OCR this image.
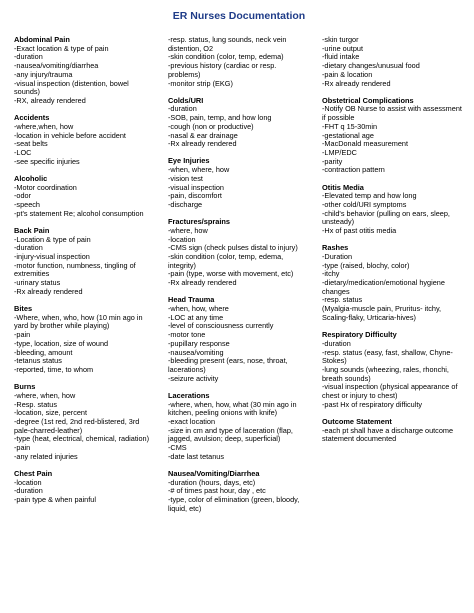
ER Nurses Documentation
Abdominal Pain
-Exact location & type of pain
-duration
-nausea/vomiting/diarrhea
-any injury/trauma
-visual inspection (distention, bowel sounds)
-RX, already rendered
Accidents
-where,when, how
-location in vehicle before accident
-seat belts
-LOC
-see specific injuries
Alcoholic
-Motor coordination
-odor
-speech
-pt's statement Re; alcohol consumption
Back Pain
-Location & type of pain
-duration
-injury-visual inspection
-motor function, numbness, tingling of extremities
-urinary status
-Rx already rendered
Bites
-Where, when, who, how (10 min ago in yard by brother while playing)
-pain
-type, location, size of wound
-bleeding, amount
-tetanus status
-reported, time, to whom
Burns
-where, when, how
-Resp. status
-location, size, percent
-degree (1st red, 2nd red-blistered, 3rd pale-charred-leather)
-type (heat, electrical, chemical, radiation)
-pain
-any related injuries
Chest Pain
-location
-duration
-pain type & when painful
-resp. status, lung sounds, neck vein distention, O2
-skin condition (color, temp, edema)
-previous history (cardiac or resp. problems)
-monitor strip (EKG)
Colds/URI
-duration
-SOB, pain, temp, and how long
-cough (non or productive)
-nasal & ear drainage
-Rx already rendered
Eye Injuries
-when, where, how
-vision test
-visual inspection
-pain, discomfort
-discharge
Fractures/sprains
-where, how
-location
-CMS sign (check pulses distal to injury)
-skin condition (color, temp, edema, integrity)
-pain (type, worse with movement, etc)
-Rx already rendered
Head Trauma
-when, how, where
-LOC at any time
-level of consciousness currently
-motor tone
-pupillary response
-nausea/vomiting
-bleeding present (ears, nose, throat, lacerations)
-seizure activity
Lacerations
-where, when, how, what (30 min ago in kitchen, peeling onions with knife)
-exact location
-size in cm and type of laceration (flap, jagged, avulsion; deep, superficial)
-CMS
-date last tetanus
Nausea/Vomiting/Diarrhea
-duration (hours, days, etc)
-# of times past hour, day , etc
-type, color of elimination (green, bloody, liquid, etc)
-skin turgor
-urine output
-fluid intake
-dietary changes/unusual food
-pain & location
-Rx already rendered
Obstetrical Complications
-Notify OB Nurse to assist with assessment if possible
-FHT q 15-30min
-gestational age
-MacDonald measurement
-LMP/EDC
-parity
-contraction pattern
Otitis Media
-Elevated temp and how long
-other cold/URI symptoms
-child's behavior (pulling on ears, sleep, unsteady)
-Hx of past otitis media
Rashes
-Duration
-type (raised, blochy, color)
-itchy
-dietary/medication/emotional hygiene changes
-resp. status
(Myalgia-muscle pain, Pruritus- itchy, Scaling-flaky, Urticaria-hives)
Respiratory Difficulty
-duration
-resp. status (easy, fast, shallow, Chyne-Stokes)
-lung sounds (wheezing, rales, rhonchi, breath sounds)
-visual inspection (physical appearance of chest or injury to chest)
-past Hx of respiratory difficulty
Outcome Statement
-each pt shall have a discharge outcome statement documented
